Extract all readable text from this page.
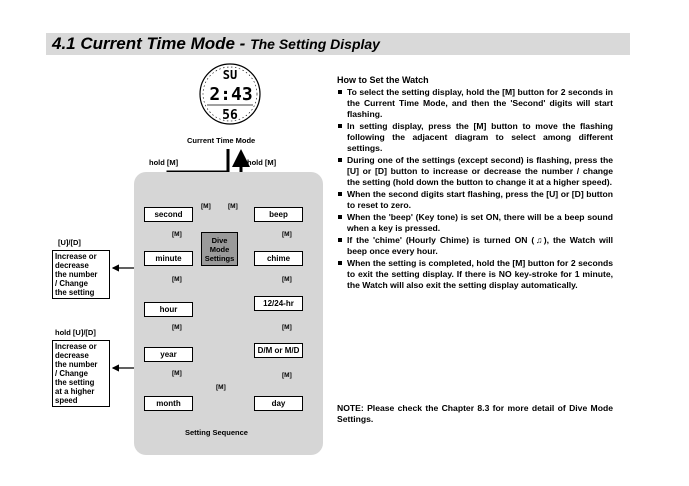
4.1 Current Time Mode - The Setting Display
SU
2:43
56
Current Time Mode
hold [M]	hold [M]
second
minute
hour
year
month
beep
chime
12/24-hr
D/M or M/D
day
Dive
Mode
Settings
[M]	[M]
[M]
[M]
[M]
[M]
[M]
[M]
[M]
[M]
[M]
Setting Sequence
[U]/[D]
Increase or
decrease
the number
/ Change
the setting
hold [U]/[D]
Increase or
decrease
the number
/ Change
the setting
at a higher
speed
How to Set the Watch
To select the setting display, hold the [M] button for 2 seconds in the Current Time Mode, and then the 'Second' digits will start flashing.
In setting display, press the [M] button to move the flashing following the adjacent diagram to select among different settings.
During one of the settings (except second) is flashing, press the [U] or [D] button to increase or decrease the number / change the setting (hold down the button to change it at a higher speed).
When the second digits start flashing, press the [U] or [D] button to reset to zero.
When the 'beep' (Key tone) is set ON, there will be a beep sound when a key is pressed.
If the 'chime' (Hourly Chime) is turned ON (♫), the Watch will beep once every hour.
When the setting is completed, hold the [M] button for 2 seconds to exit the setting display. If there is NO key-stroke for 1 minute, the Watch will also exit the setting display automatically.
NOTE: Please check the Chapter 8.3 for more detail of Dive Mode Settings.
